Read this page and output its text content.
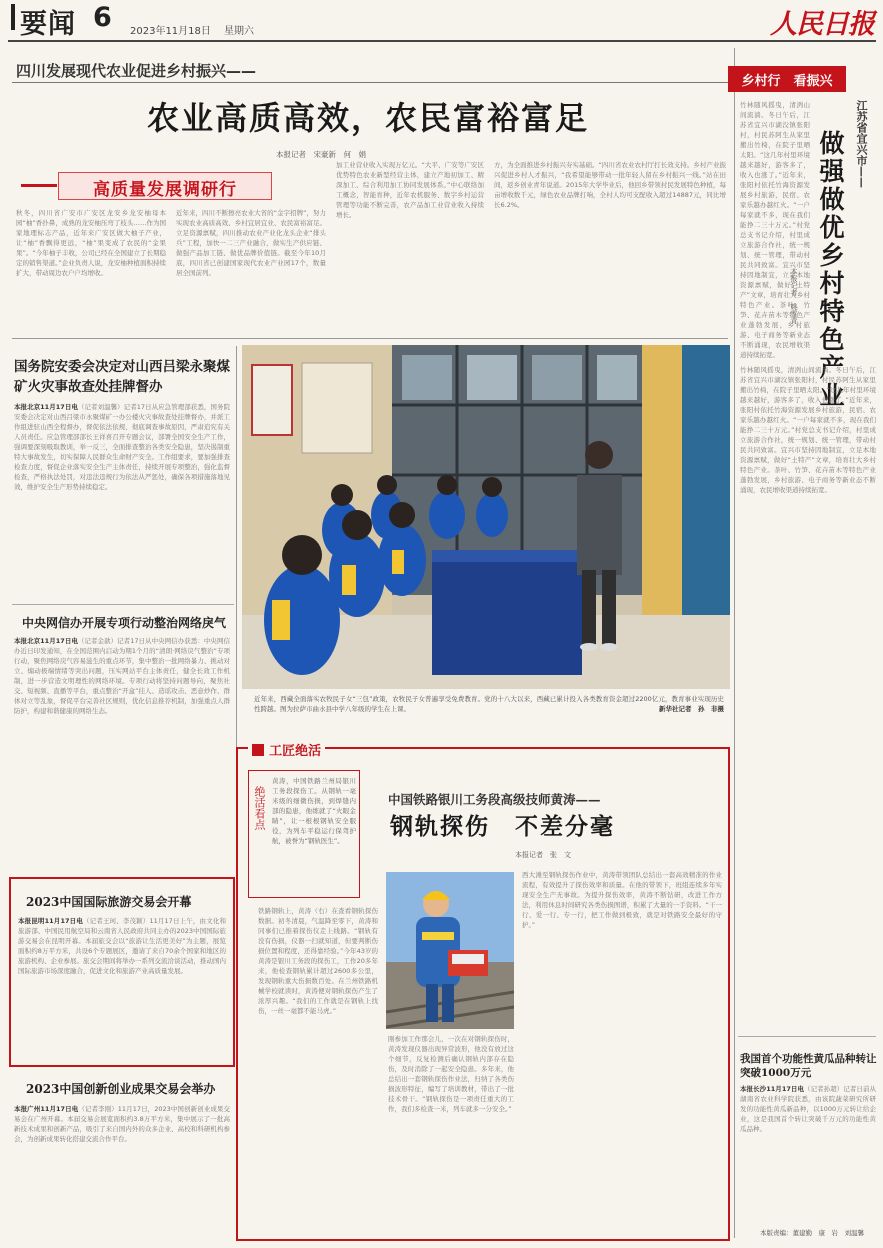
要闻 6 2023年11月18日 星期六	人民日报
四川发展现代农业促进乡村振兴——
农业高质高效，农民富裕富足
本报记者　宋豪新　何　娟
高质量发展调研行
秋冬，四川省广安市广安区龙安乡龙安柚母本园“柚”香扑鼻，成熟的龙安柚压弯了枝头……作为国家地理标志产品，近年来广安区做大柚子产业，让“柚”香飘得更远，“柚”果变成了农民的“金果果”。“今年柚子丰收，公司已经在全国建立了长期稳定的销售渠道。”企业负责人说，龙安柚种植面积持续扩大，带动周边农户户均增收。
近年来，四川不断擦亮农业大省的“金字招牌”，努力实现农业高质高效、乡村宜居宜业、农民富裕富足。立足资源禀赋，四川推动农业产业化龙头企业“排头兵”工程，加快一二三产业融合，做实生产供应链、做强产品加工链、做优品牌价值链。截至今年10月底，四川省已创建国家现代农业产业园17个，数量居全国前列。
加工业营业收入实现万亿元。“大平、广安等广安区优势特色农业新型经营主体，建立产地初加工、精深加工、综合利用加工协同发展体系。”中心联络加工概念，智能育种，近年农机服务、数字乡村运营管理等功能不断完善，农产品加工业营业收入持续增长。
方，为全面推进乡村振兴夯实基础。“四川省农业农村厅打长效支持。乡村产业振兴促进乡村人才振兴，“我希望能够带动一批年轻人留在乡村振兴一线。”站在田间，返乡创业青年说道。2015年大学毕业后，他回乡带领村民发展特色种植，每亩增收数千元，绿色农业品牌打响，全村人均可支配收入超过14887元，同比增长6.2%。
国务院安委会决定对山西吕梁永聚煤矿火灾事故查处挂牌督办
本报北京11月17日电（记者刘温馨）记者17日从应急管理部获悉，国务院安委会决定对山西吕梁市永聚煤矿一办公楼火灾事故查处挂牌督办，并派工作组进驻山西全程督办，督促依法依规、彻底调查事故原因，严肃追究有关人员责任。应急管理部部长王祥喜召开专题会议，部署全国安全生产工作，强调要深刻吸取教训，举一反三，全面排查整治各类安全隐患，坚决遏制重特大事故发生，切实保障人民群众生命财产安全。工作组要求，要加强排查检查力度，督促企业落实安全生产主体责任，持续开展专项整治，强化监督检查，严格执法处罚，对违法违规行为依法从严惩处，确保各项措施落地见效，维护安全生产形势持续稳定。
中央网信办开展专项行动整治网络戾气
本报北京11月17日电（记者金歆）记者17日从中央网信办获悉：中央网信办近日印发通知，在全国范围内启动为期1个月的“清朗·网络戾气整治”专项行动，聚焦网络戾气容易滋生的重点环节，集中整治一批网络暴力、挑动对立、煽动极端情绪等突出问题，压实网站平台主体责任，健全长效工作机制，进一步营造文明理性的网络环境。专项行动将坚持问题导向，聚焦社交、短视频、直播等平台，重点整治“开盒”挂人、造谣攻击、恶意炒作、群体对立等乱象，督促平台完善社区规则，优化信息推荐机制，加强重点人群防护，构建和谐健康的网络生态。
2023中国国际旅游交易会开幕
本报昆明11月17日电（记者王珂、李茂颖）11月17日上午，由文化和旅游部、中国民用航空局和云南省人民政府共同主办的2023中国国际旅游交易会在昆明开幕。本届旅交会以“旅游让生活更美好”为主题，展览面积约8万平方米，共设6个专题展区，邀请了来自70余个国家和地区的旅游机构、企业参展。旅交会期间将举办一系列交流洽谈活动，推动国内国际旅游市场深度融合，促进文化和旅游产业高质量发展。
2023中国创新创业成果交易会举办
本报广州11月17日电（记者李刚）11月17日，2023中国创新创业成果交易会在广州开幕。本届交易会展览面积约3.8万平方米，集中展示了一批高新技术成果和创新产品，吸引了来自国内外的众多企业、高校和科研机构参会，为创新成果转化搭建交流合作平台。
近年来，西藏全面落实农牧民子女“三包”政策，农牧民子女普遍享受免费教育。党的十八大以来，西藏已累计投入各类教育资金超过2200亿元，教育事业实现历史性跨越。图为拉萨市曲水县中学八年级的学生在上课。	新华社记者　孙　非摄
工匠绝活
绝活看点
黄涛，中国铁路兰州局银川工务段探伤工。从钢轨一毫米级的细微伤损，到焊缝内部的隐患，他练就了“火眼金睛”，让一根根钢轨安全服役，为列车平稳运行保驾护航，被誉为“钢轨医生”。
中国铁路银川工务段高级技师黄涛——
钢轨探伤　不差分毫
本报记者　张　文
铁路钢轨上，黄涛（右）在查看钢轨探伤数据。初冬清晨，气温降至零下，黄涛和同事们已推着探伤仪走上线路。“钢轨有没有伤损，仪器一扫就知道，但要判断伤损位置和程度，还得靠经验。”今年43岁的黄涛是银川工务段的探伤工，工作20多年来，他检查钢轨累计超过2600多公里，发现钢轨重大伤损数百处。在兰州铁路机械学校就读时，黄涛便对钢轨探伤产生了浓厚兴趣。“我们的工作就是在钢轨上找伤，一丝一毫都不能马虎。”
刚参加工作那会儿，一次在对钢轨探伤时，黄涛发现仪器出现异常波形，他没有放过这个细节，反复检测后确认钢轨内部存在隐伤，及时消除了一起安全隐患。多年来，他总结出一套钢轨探伤作业法，归纳了各类伤损波形特征，编写了培训教材，带出了一批技术骨干。“钢轨探伤是一项责任重大的工作，我们多检查一米，列车就多一分安全。”
西大滩至钢轨探伤作业中，黄涛带领团队总结出一套高效精准的作业流程，有效提升了探伤效率和质量。在他的带领下，班组连续多年实现安全生产无事故。为提升探伤效率，黄涛不断钻研，改进工作方法，利用休息时间研究各类伤损图谱，积累了大量的一手资料。“干一行、爱一行、专一行，把工作做到极致，就是对铁路安全最好的守护。”
乡村行　看振兴
江苏省宜兴市——
做强做优乡村特色产业
本报记者　姚雪青
竹林随风摇曳，清洌山间流淌。冬日午后，江苏省宜兴市湖㳇镇张阳村，村民苏阿生从家里搬出竹椅，在院子里晒太阳。“这几年村里环境越来越好，游客多了，收入也涨了。”近年来，张阳村依托竹海资源发展乡村旅游，民宿、农家乐越办越红火。“一户每家就不多，现在我们能挣二三十万元。”村党总支书记介绍，村里成立旅游合作社，统一规划、统一管理，带动村民共同致富。宜兴市坚持因地制宜，立足本地资源禀赋，做好“土特产”文章，培育壮大乡村特色产业。茶叶、竹笋、花卉苗木等特色产业蓬勃发展，乡村旅游、电子商务等新业态不断涌现，农民增收渠道持续拓宽。
竹林随风摇曳，清洌山间流淌。冬日午后，江苏省宜兴市湖㳇镇张阳村，村民苏阿生从家里搬出竹椅，在院子里晒太阳。“这几年村里环境越来越好，游客多了，收入也涨了。”近年来，张阳村依托竹海资源发展乡村旅游，民宿、农家乐越办越红火。“一户每家就不多，现在我们能挣二三十万元。”村党总支书记介绍，村里成立旅游合作社，统一规划、统一管理，带动村民共同致富。宜兴市坚持因地制宜，立足本地资源禀赋，做好“土特产”文章，培育壮大乡村特色产业。茶叶、竹笋、花卉苗木等特色产业蓬勃发展，乡村旅游、电子商务等新业态不断涌现，农民增收渠道持续拓宽。
我国首个功能性黄瓜品种转让突破1000万元
本报长沙11月17日电（记者孙超）记者日前从湖南省农业科学院获悉，由该院蔬菜研究所研发的功能性黄瓜新品种，以1000万元转让给企业，这是我国首个转让突破千万元的功能性黄瓜品种。
本版责编：董建勤　康　岩　刘温馨
